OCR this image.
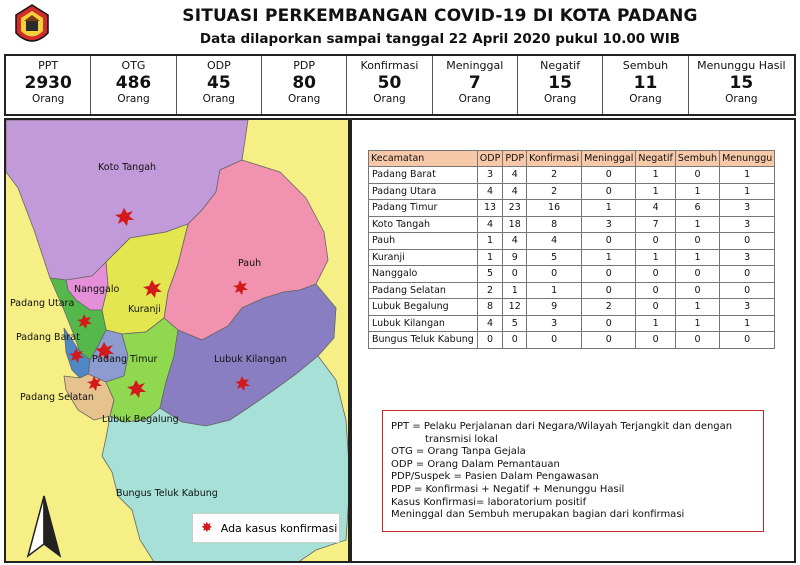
SITUASI PERKEMBANGAN COVID-19 DI KOTA PADANG
Data dilaporkan sampai tanggal 22 April 2020 pukul 10.00 WIB
PPT
2930
Orang
OTG
486
Orang
ODP
45
Orang
PDP
80
Orang
Konfirmasi
50
Orang
Meninggal
7
Orang
Negatif
15
Orang
Sembuh
11
Orang
Menunggu Hasil
15
Orang
Koto Tangah
Pauh
Nanggalo
Kuranji
Padang Utara
Padang Barat
Padang Timur	Lubuk Kilangan
Padang Selatan
Lubuk Begalung
Bungus Teluk Kabung
✸ Ada kasus konfirmasi
Kecamatan	ODP	PDP	Konfirmasi	Meninggal	Negatif	Sembuh	Menunggu
Padang Barat	3	4	2	0	1	0	1
Padang Utara	4	4	2	0	1	1	1
Padang Timur	13	23	16	1	4	6	3
Koto Tangah	4	18	8	3	7	1	3
Pauh	1	4	4	0	0	0	0
Kuranji	1	9	5	1	1	1	3
Nanggalo	5	0	0	0	0	0	0
Padang Selatan	2	1	1	0	0	0	0
Lubuk Begalung	8	12	9	2	0	1	3
Lubuk Kilangan	4	5	3	0	1	1	1
Bungus Teluk Kabung	0	0	0	0	0	0	0
PPT = Pelaku Perjalanan dari Negara/Wilayah Terjangkit dan dengan
transmisi lokal
OTG = Orang Tanpa Gejala
ODP = Orang Dalam Pemantauan
PDP/Suspek = Pasien Dalam Pengawasan
PDP = Konfirmasi + Negatif + Menunggu Hasil
Kasus Konfirmasi= laboratorium positif
Meninggal dan Sembuh merupakan bagian dari konfirmasi
